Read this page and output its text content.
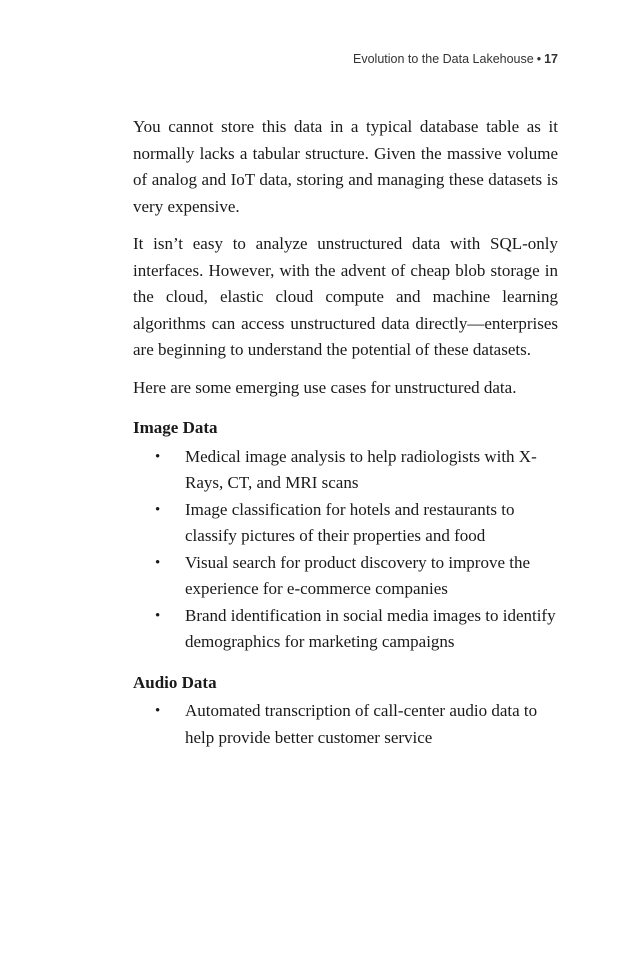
Evolution to the Data Lakehouse • 17

You cannot store this data in a typical database table as it normally lacks a tabular structure. Given the massive volume of analog and IoT data, storing and managing these datasets is very expensive.

It isn’t easy to analyze unstructured data with SQL-only interfaces. However, with the advent of cheap blob storage in the cloud, elastic cloud compute and machine learning algorithms can access unstructured data directly—enterprises are beginning to understand the potential of these datasets.

Here are some emerging use cases for unstructured data.

Image Data
• Medical image analysis to help radiologists with X-Rays, CT, and MRI scans
• Image classification for hotels and restaurants to classify pictures of their properties and food
• Visual search for product discovery to improve the experience for e-commerce companies
• Brand identification in social media images to identify demographics for marketing campaigns
Audio Data
• Automated transcription of call-center audio data to help provide better customer service
